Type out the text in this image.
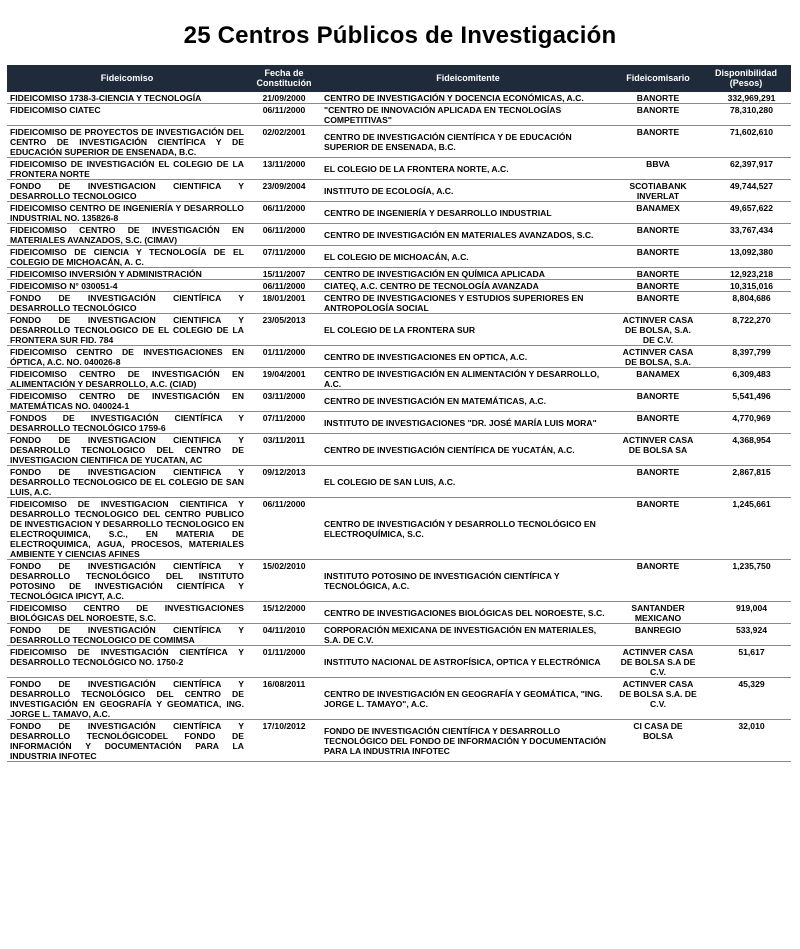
25 Centros Públicos de Investigación
Fideicomiso	Fecha de Constitución	Fideicomitente	Fideicomisario	Disponibilidad (Pesos)
FIDEICOMISO 1738-3-CIENCIA Y TECNOLOGÍA	21/09/2000	CENTRO DE INVESTIGACIÓN Y DOCENCIA ECONÓMICAS, A.C.	BANORTE	332,969,291
FIDEICOMISO CIATEC	06/11/2000	"CENTRO DE INNOVACIÓN APLICADA EN TECNOLOGÍAS COMPETITIVAS"	BANORTE	78,310,280
FIDEICOMISO DE PROYECTOS DE INVESTIGACIÓN DEL CENTRO DE INVESTIGACIÓN CIENTÍFICA Y DE EDUCACIÓN SUPERIOR DE ENSENADA, B.C.	02/02/2001	CENTRO DE INVESTIGACIÓN CIENTÍFICA Y DE EDUCACIÓN SUPERIOR DE ENSENADA, B.C.	BANORTE	71,602,610
FIDEICOMISO DE INVESTIGACIÓN EL COLEGIO DE LA FRONTERA NORTE	13/11/2000	EL COLEGIO DE LA FRONTERA NORTE, A.C.	BBVA	62,397,917
FONDO DE INVESTIGACION CIENTIFICA Y DESARROLLO TECNOLOGICO	23/09/2004	INSTITUTO DE ECOLOGÍA, A.C.	SCOTIABANK INVERLAT	49,744,527
FIDEICOMISO CENTRO DE INGENIERÍA Y DESARROLLO INDUSTRIAL NO. 135826-8	06/11/2000	CENTRO DE INGENIERÍA Y DESARROLLO INDUSTRIAL	BANAMEX	49,657,622
FIDEICOMISO CENTRO DE INVESTIGACIÓN EN MATERIALES AVANZADOS, S.C. (CIMAV)	06/11/2000	CENTRO DE INVESTIGACIÓN EN MATERIALES AVANZADOS, S.C.	BANORTE	33,767,434
FIDEICOMISO DE CIENCIA Y TECNOLOGÍA DE EL COLEGIO DE MICHOACÁN, A. C.	07/11/2000	EL COLEGIO DE MICHOACÁN, A.C.	BANORTE	13,092,380
FIDEICOMISO INVERSIÓN Y ADMINISTRACIÓN	15/11/2007	CENTRO DE INVESTIGACIÓN EN QUÍMICA APLICADA	BANORTE	12,923,218
FIDEICOMISO N° 030051-4	06/11/2000	CIATEQ, A.C. CENTRO DE TECNOLOGÍA AVANZADA	BANORTE	10,315,016
FONDO DE INVESTIGACIÓN CIENTÍFICA Y DESARROLLO TECNOLÓGICO	18/01/2001	CENTRO DE INVESTIGACIONES Y ESTUDIOS SUPERIORES EN ANTROPOLOGÍA SOCIAL	BANORTE	8,804,686
FONDO DE INVESTIGACION CIENTIFICA Y DESARROLLO TECNOLOGICO DE EL COLEGIO DE LA FRONTERA SUR FID. 784	23/05/2013	EL COLEGIO DE LA FRONTERA SUR	ACTINVER CASA DE BOLSA, S.A. DE C.V.	8,722,270
FIDEICOMISO CENTRO DE INVESTIGACIONES EN ÓPTICA, A.C. NO. 040026-8	01/11/2000	CENTRO DE INVESTIGACIONES EN OPTICA, A.C.	ACTINVER CASA DE BOLSA, S.A.	8,397,799
FIDEICOMISO CENTRO DE INVESTIGACIÓN EN ALIMENTACIÓN Y DESARROLLO, A.C. (CIAD)	19/04/2001	CENTRO DE INVESTIGACIÓN EN ALIMENTACIÓN Y DESARROLLO, A.C.	BANAMEX	6,309,483
FIDEICOMISO CENTRO DE INVESTIGACIÓN EN MATEMÁTICAS NO. 040024-1	03/11/2000	CENTRO DE INVESTIGACIÓN EN MATEMÁTICAS, A.C.	BANORTE	5,541,496
FONDOS DE INVESTIGACIÓN CIENTÍFICA Y DESARROLLO TECNOLÓGICO 1759-6	07/11/2000	INSTITUTO DE INVESTIGACIONES "DR. JOSÉ MARÍA LUIS MORA"	BANORTE	4,770,969
FONDO DE INVESTIGACION CIENTIFICA Y DESARROLLO TECNOLOGICO DEL CENTRO DE INVESTIGACION CIENTIFICA DE YUCATAN, AC	03/11/2011	CENTRO DE INVESTIGACIÓN CIENTÍFICA DE YUCATÁN, A.C.	ACTINVER CASA DE BOLSA SA	4,368,954
FONDO DE INVESTIGACION CIENTIFICA Y DESARROLLO TECNOLOGICO DE EL COLEGIO DE SAN LUIS, A.C.	09/12/2013	EL COLEGIO DE SAN LUIS, A.C.	BANORTE	2,867,815
FIDEICOMISO DE INVESTIGACION CIENTIFICA Y DESARROLLO TECNOLOGICO DEL CENTRO PUBLICO DE INVESTIGACION Y DESARROLLO TECNOLOGICO EN ELECTROQUIMICA, S.C., EN MATERIA DE ELECTROQUIMICA, AGUA, PROCESOS, MATERIALES AMBIENTE Y CIENCIAS AFINES	06/11/2000	CENTRO DE INVESTIGACIÓN Y DESARROLLO TECNOLÓGICO EN ELECTROQUÍMICA, S.C.	BANORTE	1,245,661
FONDO DE INVESTIGACIÓN CIENTÍFICA Y DESARROLLO TECNOLÓGICO DEL INSTITUTO POTOSINO DE INVESTIGACIÓN CIENTÍFICA Y TECNOLÓGICA IPICYT, A.C.	15/02/2010	INSTITUTO POTOSINO DE INVESTIGACIÓN CIENTÍFICA Y TECNOLÓGICA, A.C.	BANORTE	1,235,750
FIDEICOMISO CENTRO DE INVESTIGACIONES BIOLÓGICAS DEL NOROESTE, S.C.	15/12/2000	CENTRO DE INVESTIGACIONES BIOLÓGICAS DEL NOROESTE, S.C.	SANTANDER MEXICANO	919,004
FONDO DE INVESTIGACIÓN CIENTÍFICA Y DESARROLLO TECNOLOGICO DE COMIMSA	04/11/2010	CORPORACIÓN MEXICANA DE INVESTIGACIÓN EN MATERIALES, S.A. DE C.V.	BANREGIO	533,924
FIDEICOMISO DE INVESTIGACIÓN CIENTÍFICA Y DESARROLLO TECNOLÓGICO NO. 1750-2	01/11/2000	INSTITUTO NACIONAL DE ASTROFÍSICA, OPTICA Y ELECTRÓNICA	ACTINVER CASA DE BOLSA S.A DE C.V.	51,617
FONDO DE INVESTIGACIÓN CIENTÍFICA Y DESARROLLO TECNOLÓGICO DEL CENTRO DE INVESTIGACIÓN EN GEOGRAFÍA Y GEOMATICA, ING. JORGE L. TAMAVO, A.C.	16/08/2011	CENTRO DE INVESTIGACIÓN EN GEOGRAFÍA Y GEOMÁTICA, "ING. JORGE L. TAMAYO", A.C.	ACTINVER CASA DE BOLSA S.A. DE C.V.	45,329
FONDO DE INVESTIGACIÓN CIENTÍFICA Y DESARROLLO TECNOLÓGICODEL FONDO DE INFORMACIÓN Y DOCUMENTACIÓN PARA LA INDUSTRIA INFOTEC	17/10/2012	FONDO DE INVESTIGACIÓN CIENTÍFICA Y DESARROLLO TECNOLÓGICO DEL FONDO DE INFORMACIÓN Y DOCUMENTACIÓN PARA LA INDUSTRIA INFOTEC	CI CASA DE BOLSA	32,010
